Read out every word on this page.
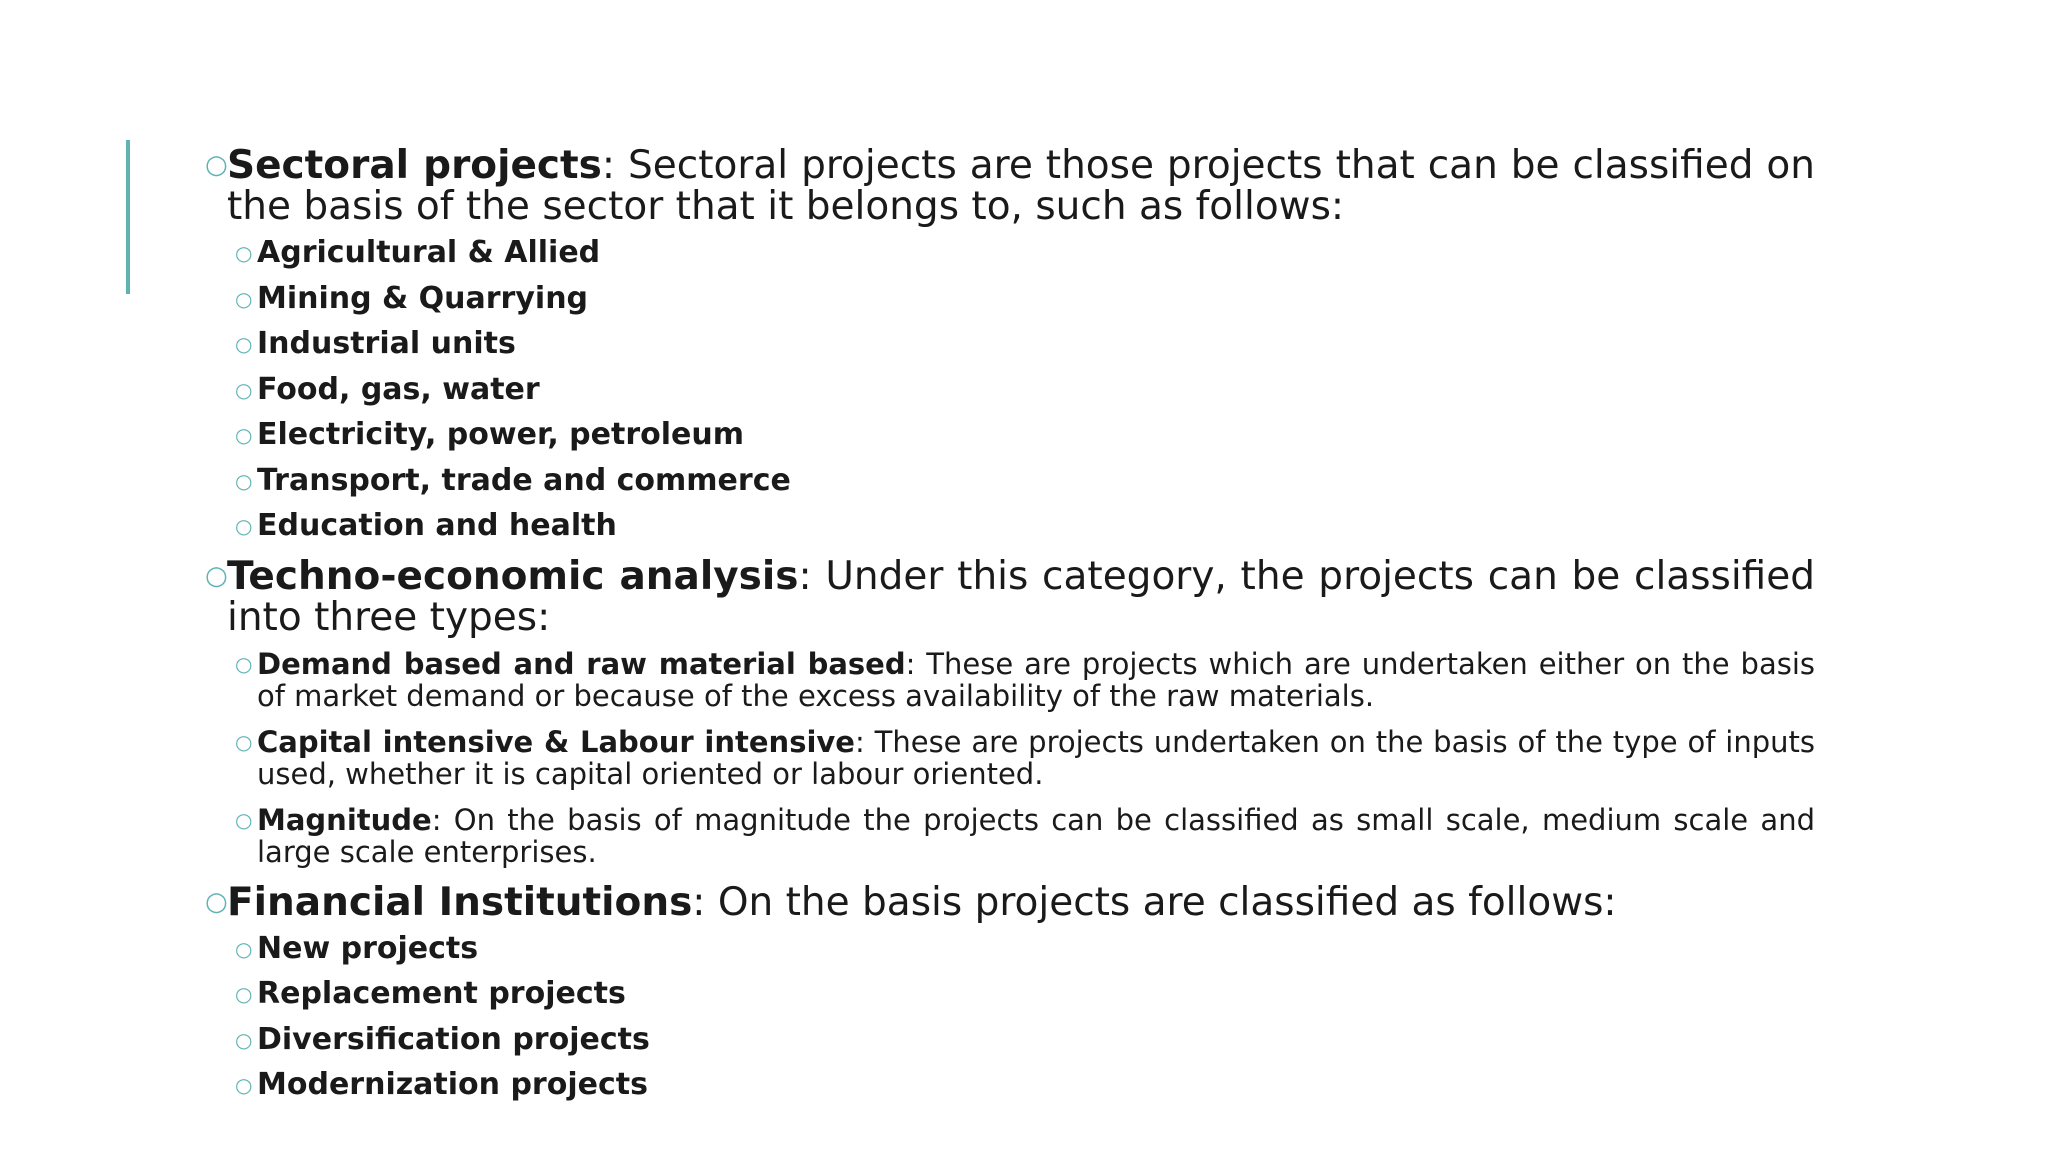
○ Sectoral projects: Sectoral projects are those projects that can be classified on the basis of the sector that it belongs to, such as follows:
○ Agricultural & Allied
○ Mining & Quarrying
○ Industrial units
○ Food, gas, water
○ Electricity, power, petroleum
○ Transport, trade and commerce
○ Education and health
○ Techno-economic analysis: Under this category, the projects can be classified into three types:
○ Demand based and raw material based: These are projects which are undertaken either on the basis of market demand or because of the excess availability of the raw materials.
○ Capital intensive & Labour intensive: These are projects undertaken on the basis of the type of inputs used, whether it is capital oriented or labour oriented.
○ Magnitude: On the basis of magnitude the projects can be classified as small scale, medium scale and large scale enterprises.
○ Financial Institutions: On the basis projects are classified as follows:
○ New projects
○ Replacement projects
○ Diversification projects
○ Modernization projects
